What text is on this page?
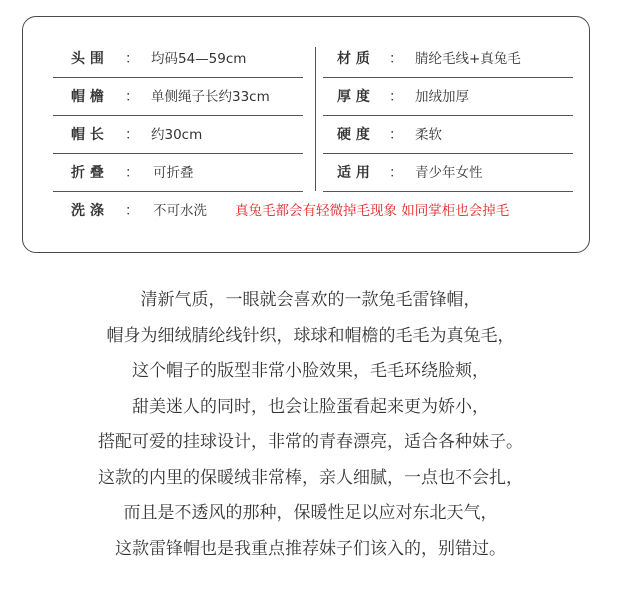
头 围 ： 均码54—59cm	材 质 ： 腈纶毛线+真兔毛
帽 檐 ： 单侧绳子长约33cm	厚 度 ： 加绒加厚
帽 长 ： 约30cm	硬 度 ： 柔软
折 叠 ： 可折叠	适 用 ： 青少年女性
洗 涤 ： 不可水洗 真兔毛都会有轻微掉毛现象 如同掌柜也会掉毛

清新气质，一眼就会喜欢的一款兔毛雷锋帽，

帽身为细绒腈纶线针织，球球和帽檐的毛毛为真兔毛，

这个帽子的版型非常小脸效果，毛毛环绕脸颊，

甜美迷人的同时，也会让脸蛋看起来更为娇小，

搭配可爱的挂球设计，非常的青春漂亮，适合各种妹子。

这款的内里的保暖绒非常棒，亲人细腻，一点也不会扎，

而且是不透风的那种，保暖性足以应对东北天气，

这款雷锋帽也是我重点推荐妹子们该入的，别错过。
